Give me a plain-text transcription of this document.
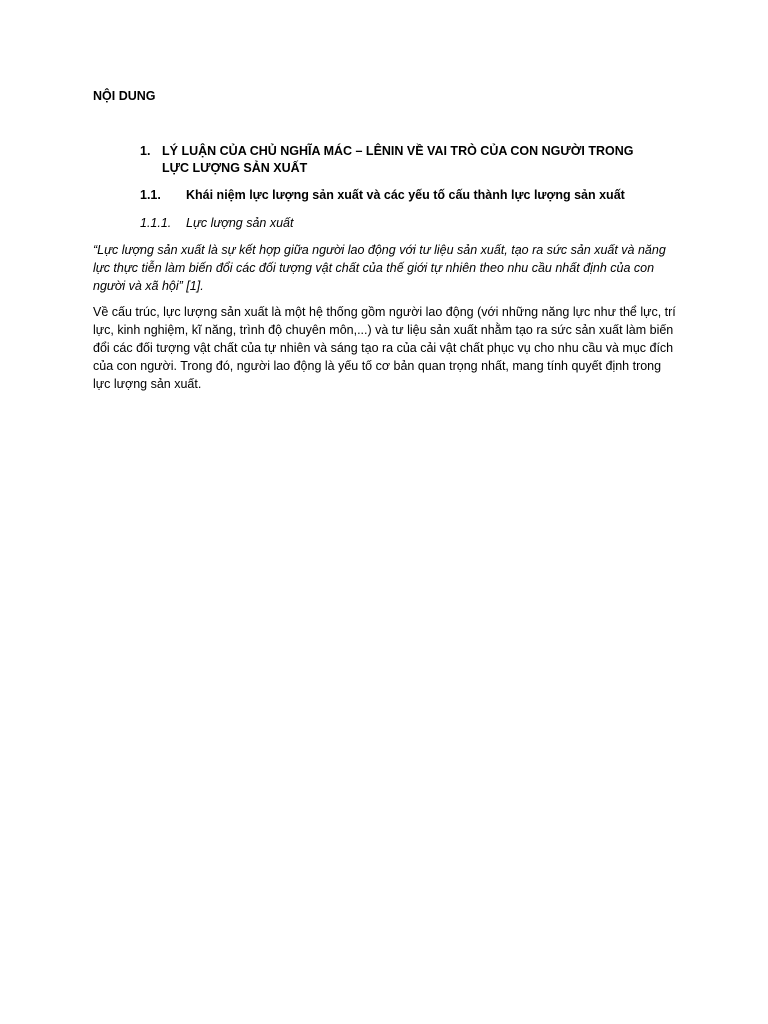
NỘI DUNG
1. LÝ LUẬN CỦA CHỦ NGHĨA MÁC – LÊNIN VỀ VAI TRÒ CỦA CON NGƯỜI TRONG LỰC LƯỢNG SẢN XUẤT
1.1. Khái niệm lực lượng sản xuất và các yếu tố cấu thành lực lượng sản xuất
1.1.1. Lực lượng sản xuất

“Lực lượng sản xuất là sự kết hợp giữa người lao động với tư liệu sản xuất, tạo ra sức sản xuất và năng lực thực tiễn làm biến đổi các đối tượng vật chất của thế giới tự nhiên theo nhu cầu nhất định của con người và xã hội” [1].

Về cấu trúc, lực lượng sản xuất là một hệ thống gồm người lao động (với những năng lực như thể lực, trí lực, kinh nghiệm, kĩ năng, trình độ chuyên môn,...) và tư liệu sản xuất nhằm tạo ra sức sản xuất làm biến đổi các đối tượng vật chất của tự nhiên và sáng tạo ra của cải vật chất phục vụ cho nhu cầu và mục đích của con người. Trong đó, người lao động là yếu tố cơ bản quan trọng nhất, mang tính quyết định trong lực lượng sản xuất.
